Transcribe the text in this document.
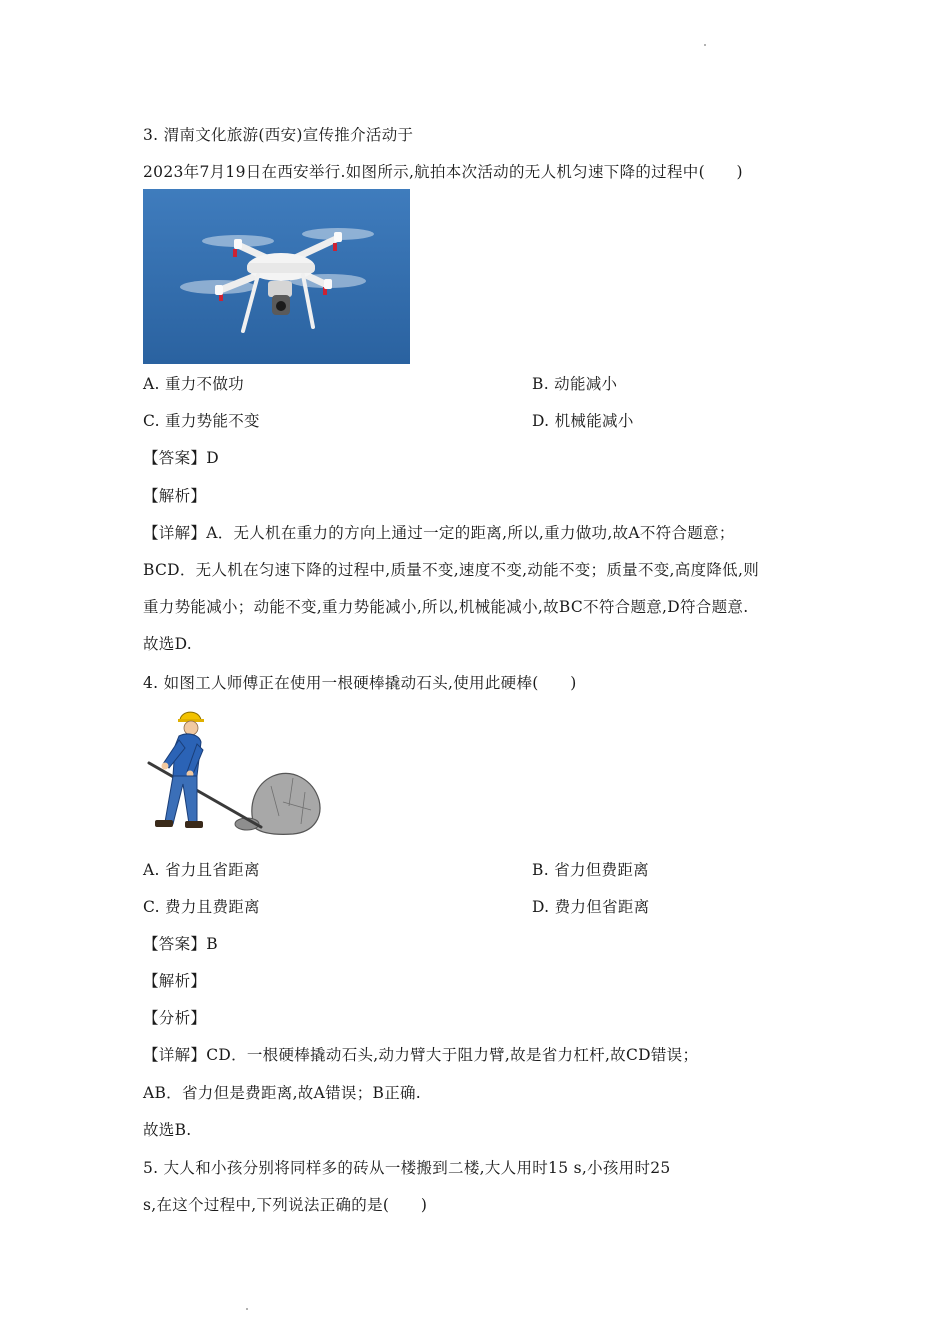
3. 渭南文化旅游(西安)宣传推介活动于
2023年7月19日在西安举行.如图所示,航拍本次活动的无人机匀速下降的过程中(　　)
A. 重力不做功	B. 动能减小
C. 重力势能不变	D. 机械能减小
【答案】D
【解析】
【详解】A．无人机在重力的方向上通过一定的距离,所以,重力做功,故A不符合题意；
BCD．无人机在匀速下降的过程中,质量不变,速度不变,动能不变；质量不变,高度降低,则
重力势能减小；动能不变,重力势能减小,所以,机械能减小,故BC不符合题意,D符合题意.
故选D.
4. 如图工人师傅正在使用一根硬棒撬动石头,使用此硬棒(　　)
A. 省力且省距离	B. 省力但费距离
C. 费力且费距离	D. 费力但省距离
【答案】B
【解析】
【分析】
【详解】CD．一根硬棒撬动石头,动力臂大于阻力臂,故是省力杠杆,故CD错误；
AB．省力但是费距离,故A错误；B正确.
故选B.
5. 大人和小孩分别将同样多的砖从一楼搬到二楼,大人用时15 s,小孩用时25
s,在这个过程中,下列说法正确的是(　　)
